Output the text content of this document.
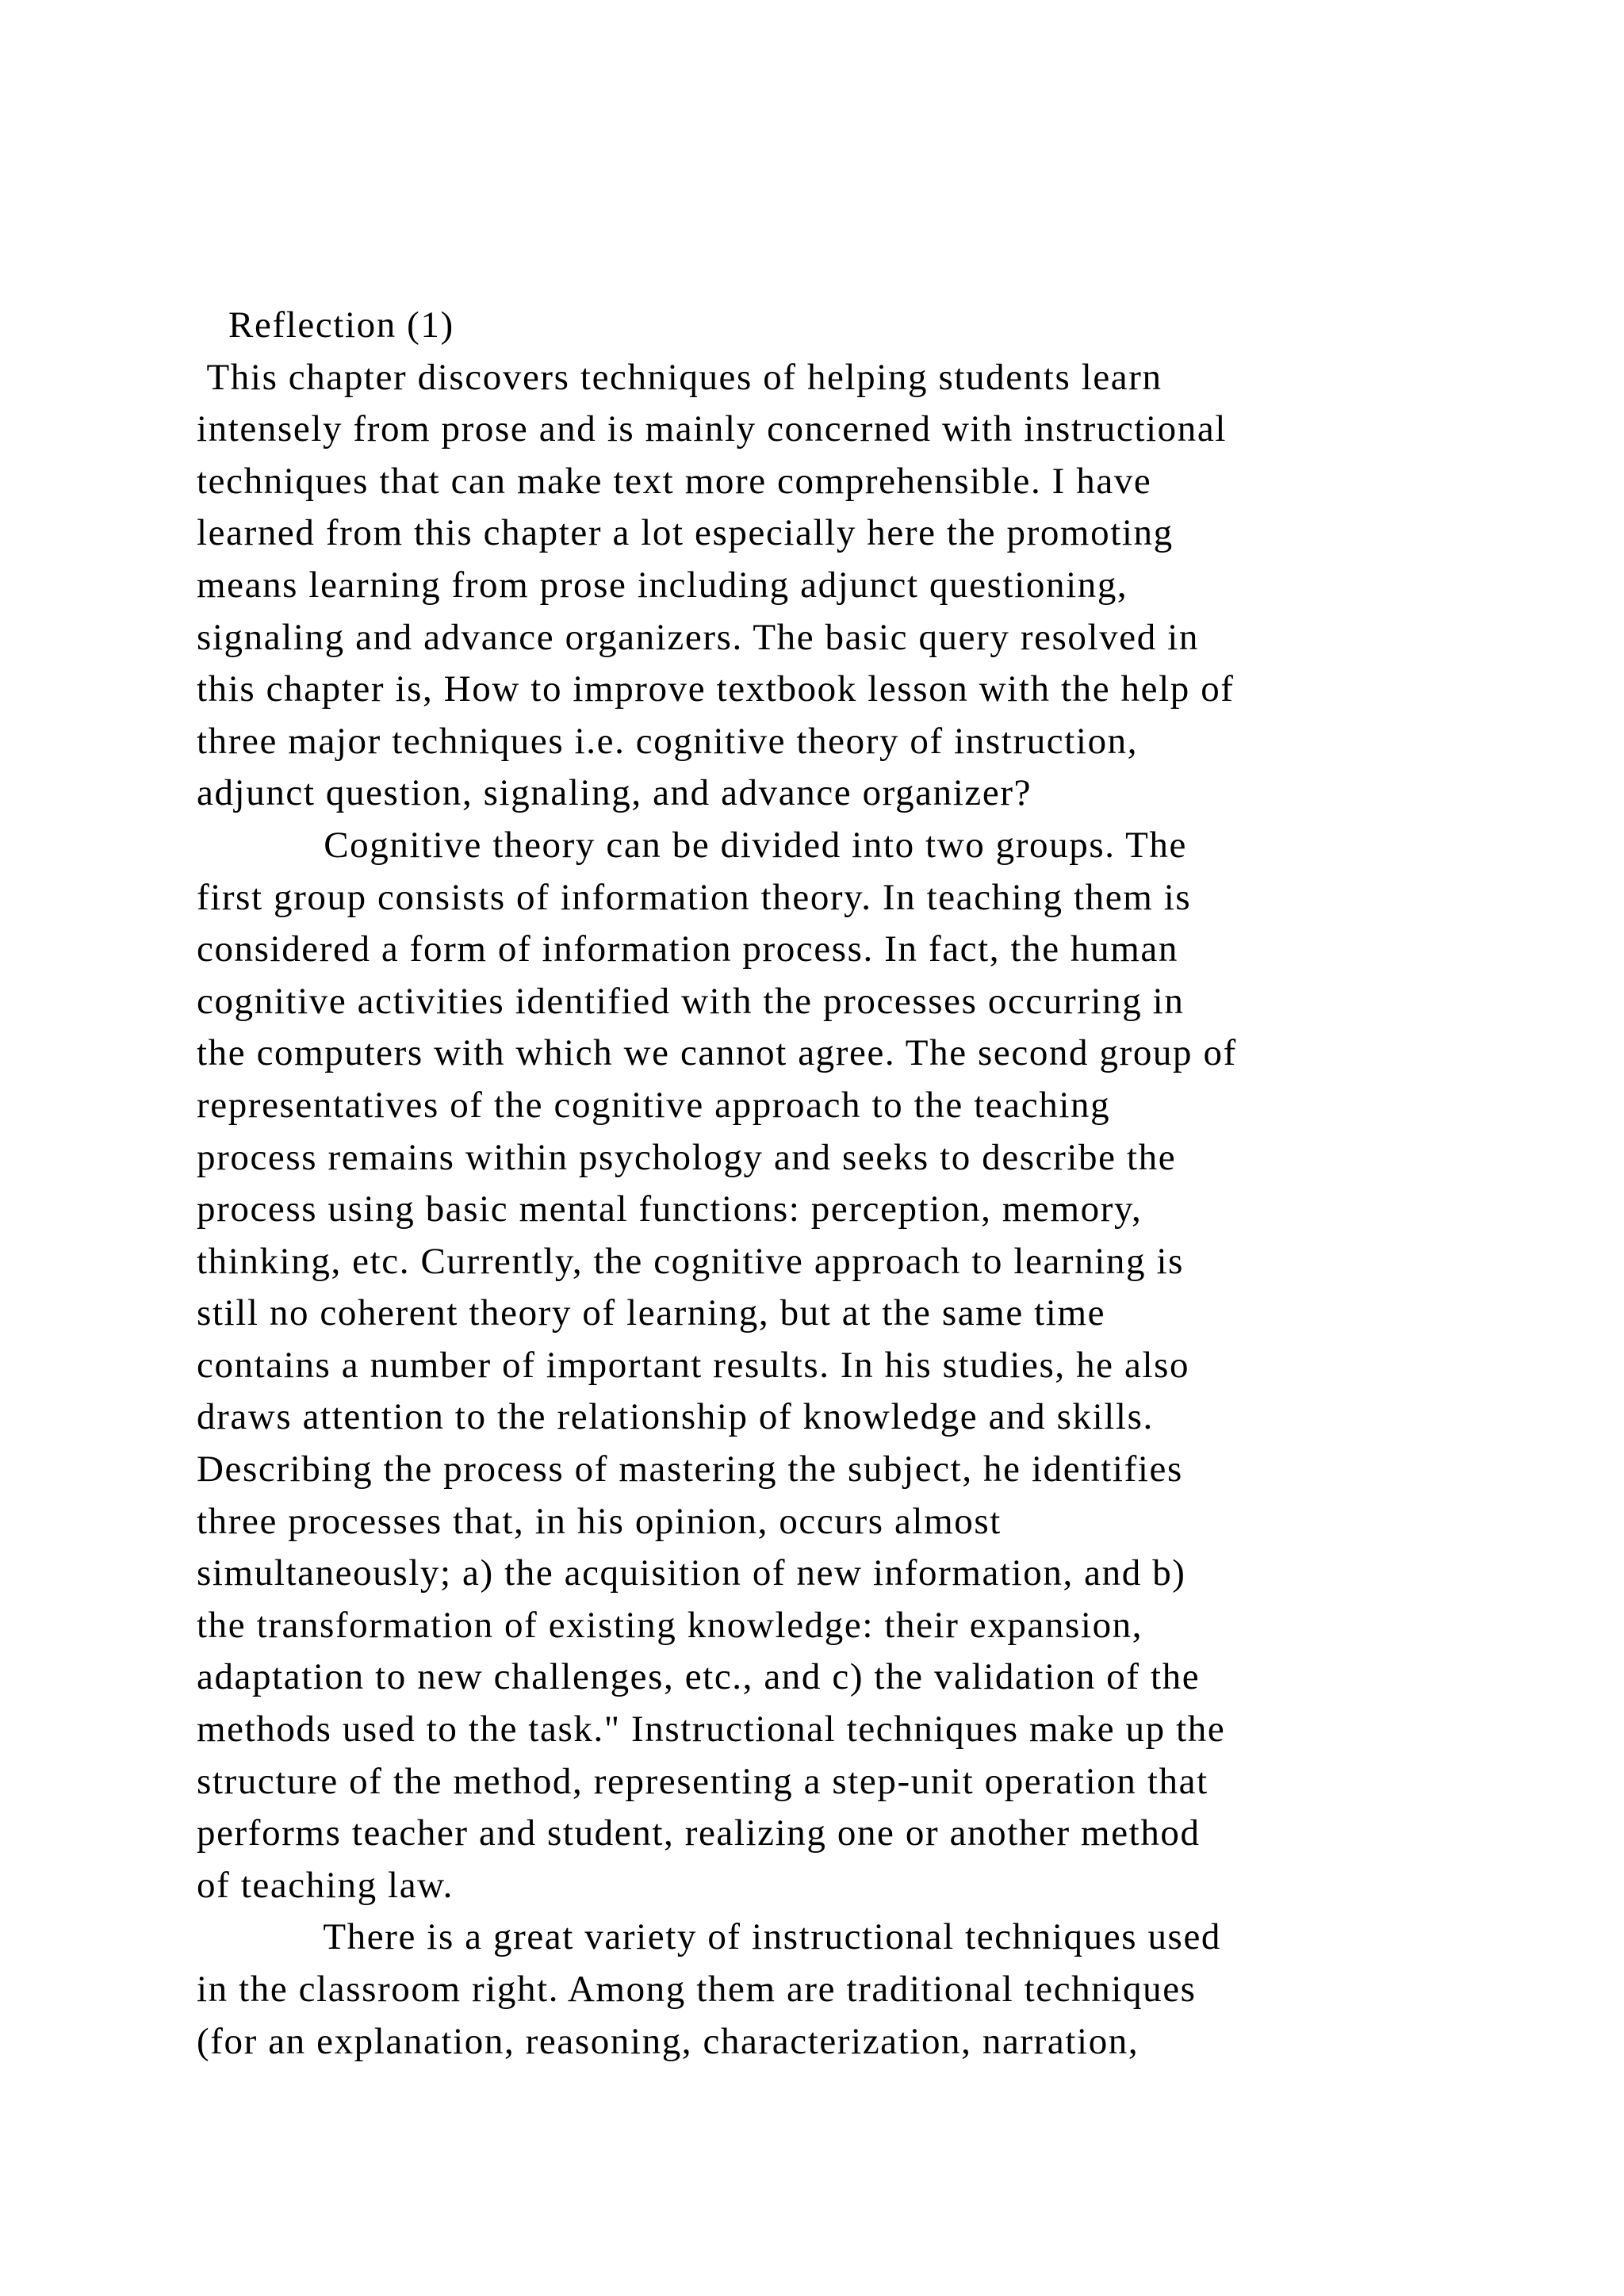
Reflection (1)

This chapter discovers techniques of helping students learn

intensely from prose and is mainly concerned with instructional

techniques that can make text more comprehensible. I have

learned from this chapter a lot especially here the promoting

means learning from prose including adjunct questioning,

signaling and advance organizers. The basic query resolved in

this chapter is, How to improve textbook lesson with the help of

three major techniques i.e. cognitive theory of instruction,

adjunct question, signaling, and advance organizer?

Cognitive theory can be divided into two groups. The

first group consists of information theory. In teaching them is

considered a form of information process. In fact, the human

cognitive activities identified with the processes occurring in

the computers with which we cannot agree. The second group of

representatives of the cognitive approach to the teaching

process remains within psychology and seeks to describe the

process using basic mental functions: perception, memory,

thinking, etc. Currently, the cognitive approach to learning is

still no coherent theory of learning, but at the same time

contains a number of important results. In his studies, he also

draws attention to the relationship of knowledge and skills.

Describing the process of mastering the subject, he identifies

three processes that, in his opinion, occurs almost

simultaneously; a) the acquisition of new information, and b)

the transformation of existing knowledge: their expansion,

adaptation to new challenges, etc., and c) the validation of the

methods used to the task." Instructional techniques make up the

structure of the method, representing a step-unit operation that

performs teacher and student, realizing one or another method

of teaching law.

There is a great variety of instructional techniques used

in the classroom right. Among them are traditional techniques

(for an explanation, reasoning, characterization, narration,
